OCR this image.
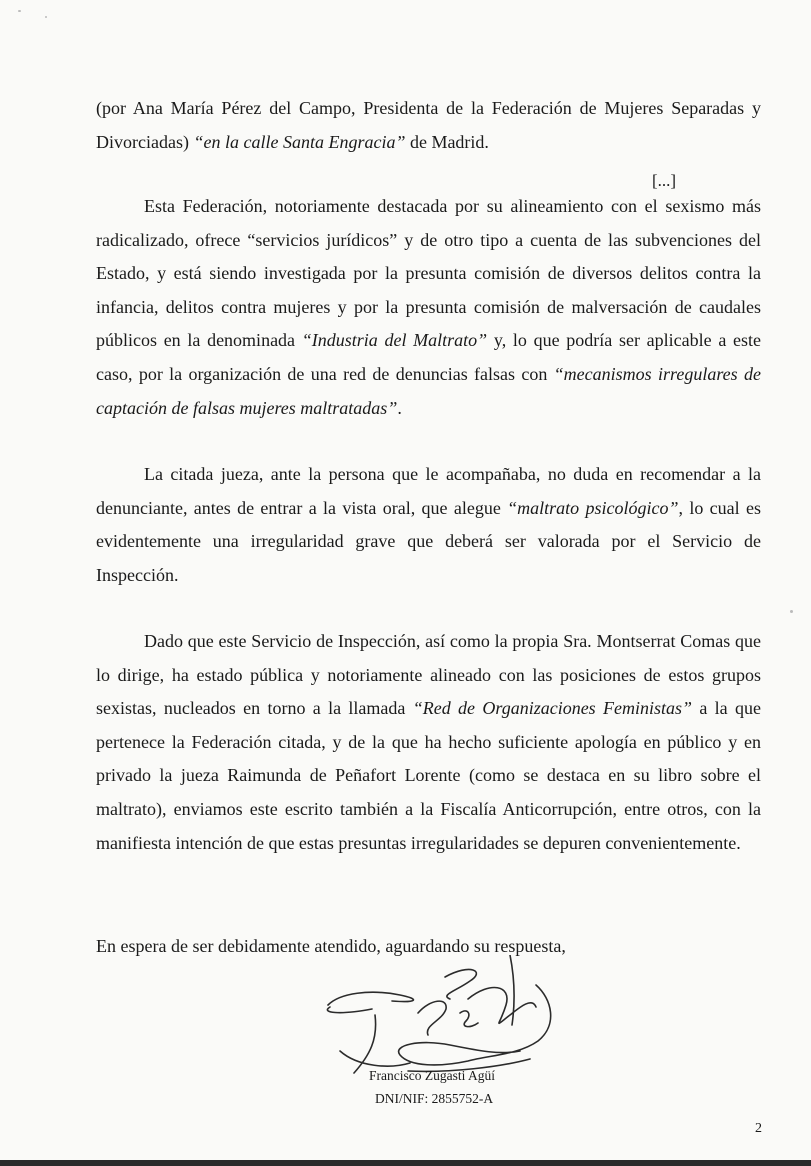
(por Ana María Pérez del Campo, Presidenta de la Federación de Mujeres Separadas y Divorciadas) “en la calle Santa Engracia” de Madrid.

[...]

Esta Federación, notoriamente destacada por su alineamiento con el sexismo más radicalizado, ofrece “servicios jurídicos” y de otro tipo a cuenta de las subvenciones del Estado, y está siendo investigada por la presunta comisión de diversos delitos contra la infancia, delitos contra mujeres y por la presunta comisión de malversación de caudales públicos en la denominada “Industria del Maltrato” y, lo que podría ser aplicable a este caso, por la organización de una red de denuncias falsas con “mecanismos irregulares de captación de falsas mujeres maltratadas”.

La citada jueza, ante la persona que le acompañaba, no duda en recomendar a la denunciante, antes de entrar a la vista oral, que alegue “maltrato psicológico”, lo cual es evidentemente una irregularidad grave que deberá ser valorada por el Servicio de Inspección.

Dado que este Servicio de Inspección, así como la propia Sra. Montserrat Comas que lo dirige, ha estado pública y notoriamente alineado con las posiciones de estos grupos sexistas, nucleados en torno a la llamada “Red de Organizaciones Feministas” a la que pertenece la Federación citada, y de la que ha hecho suficiente apología en público y en privado la jueza Raimunda de Peñafort Lorente (como se destaca en su libro sobre el maltrato), enviamos este escrito también a la Fiscalía Anticorrupción, entre otros, con la manifiesta intención de que estas presuntas irregularidades se depuren convenientemente.

En espera de ser debidamente atendido, aguardando su respuesta,

Francisco Zugasti Agüí
DNI/NIF: 2855752-A
2
